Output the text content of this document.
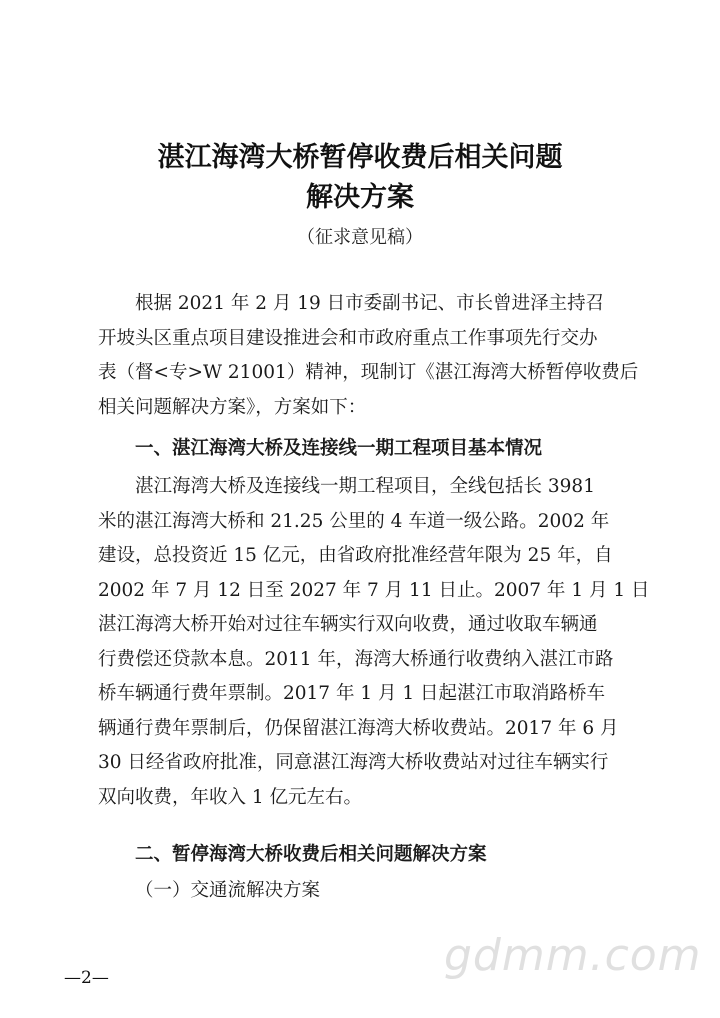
湛江海湾大桥暂停收费后相关问题
解决方案
（征求意见稿）
根据 2021 年 2 月 19 日市委副书记、市长曾进泽主持召
开坡头区重点项目建设推进会和市政府重点工作事项先行交办
表（督<专>W 21001）精神，现制订《湛江海湾大桥暂停收费后
相关问题解决方案》，方案如下：
一、湛江海湾大桥及连接线一期工程项目基本情况
湛江海湾大桥及连接线一期工程项目，全线包括长 3981
米的湛江海湾大桥和 21.25 公里的 4 车道一级公路。2002 年
建设，总投资近 15 亿元，由省政府批准经营年限为 25 年，自
2002 年 7 月 12 日至 2027 年 7 月 11 日止。2007 年 1 月 1 日
湛江海湾大桥开始对过往车辆实行双向收费，通过收取车辆通
行费偿还贷款本息。2011 年，海湾大桥通行收费纳入湛江市路
桥车辆通行费年票制。2017 年 1 月 1 日起湛江市取消路桥车
辆通行费年票制后，仍保留湛江海湾大桥收费站。2017 年 6 月
30 日经省政府批准，同意湛江海湾大桥收费站对过往车辆实行
双向收费，年收入 1 亿元左右。
二、暂停海湾大桥收费后相关问题解决方案
（一）交通流解决方案
gdmm.com
—2—
